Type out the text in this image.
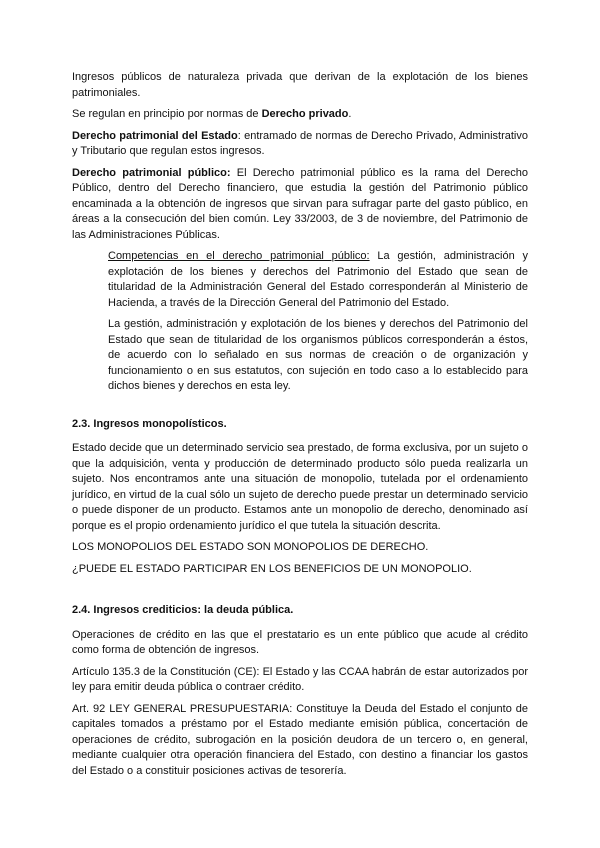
Ingresos públicos de naturaleza privada que derivan de la explotación de los bienes patrimoniales.

Se regulan en principio por normas de Derecho privado.

Derecho patrimonial del Estado: entramado de normas de Derecho Privado, Administrativo y Tributario que regulan estos ingresos.

Derecho patrimonial público: El Derecho patrimonial público es la rama del Derecho Público, dentro del Derecho financiero, que estudia la gestión del Patrimonio público encaminada a la obtención de ingresos que sirvan para sufragar parte del gasto público, en áreas a la consecución del bien común. Ley 33/2003, de 3 de noviembre, del Patrimonio de las Administraciones Públicas.

Competencias en el derecho patrimonial público: La gestión, administración y explotación de los bienes y derechos del Patrimonio del Estado que sean de titularidad de la Administración General del Estado corresponderán al Ministerio de Hacienda, a través de la Dirección General del Patrimonio del Estado.

La gestión, administración y explotación de los bienes y derechos del Patrimonio del Estado que sean de titularidad de los organismos públicos corresponderán a éstos, de acuerdo con lo señalado en sus normas de creación o de organización y funcionamiento o en sus estatutos, con sujeción en todo caso a lo establecido para dichos bienes y derechos en esta ley.

2.3. Ingresos monopolísticos.

Estado decide que un determinado servicio sea prestado, de forma exclusiva, por un sujeto o que la adquisición, venta y producción de determinado producto sólo pueda realizarla un sujeto. Nos encontramos ante una situación de monopolio, tutelada por el ordenamiento jurídico, en virtud de la cual sólo un sujeto de derecho puede prestar un determinado servicio o puede disponer de un producto. Estamos ante un monopolio de derecho, denominado así porque es el propio ordenamiento jurídico el que tutela la situación descrita.

LOS MONOPOLIOS DEL ESTADO SON MONOPOLIOS DE DERECHO.

¿PUEDE EL ESTADO PARTICIPAR EN LOS BENEFICIOS DE UN MONOPOLIO.

2.4. Ingresos crediticios: la deuda pública.

Operaciones de crédito en las que el prestatario es un ente público que acude al crédito como forma de obtención de ingresos.

Artículo 135.3 de la Constitución (CE): El Estado y las CCAA habrán de estar autorizados por ley para emitir deuda pública o contraer crédito.

Art. 92 LEY GENERAL PRESUPUESTARIA: Constituye la Deuda del Estado el conjunto de capitales tomados a préstamo por el Estado mediante emisión pública, concertación de operaciones de crédito, subrogación en la posición deudora de un tercero o, en general, mediante cualquier otra operación financiera del Estado, con destino a financiar los gastos del Estado o a constituir posiciones activas de tesorería.
